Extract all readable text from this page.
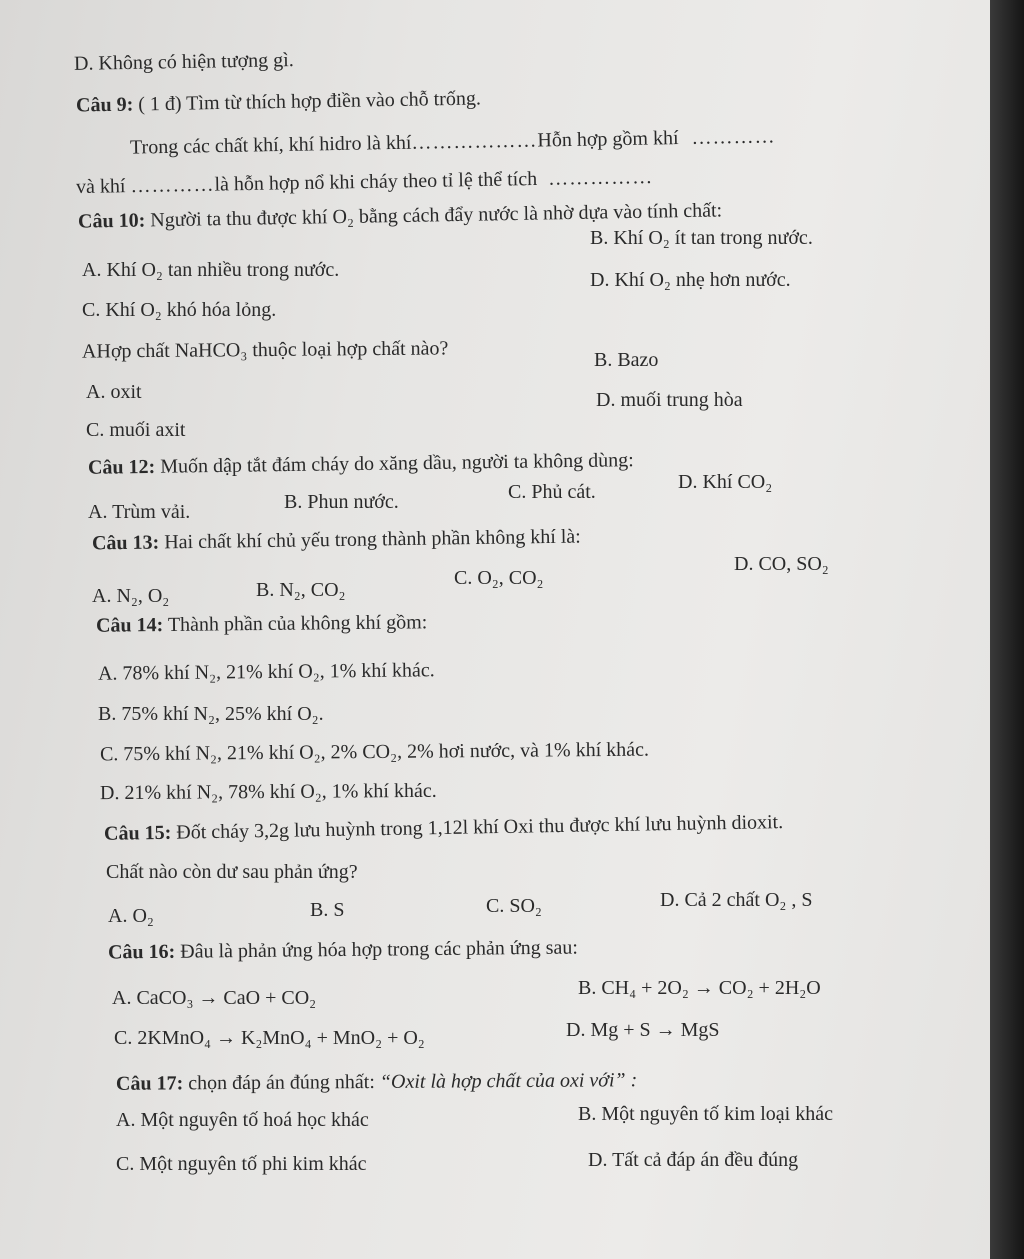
D. Không có hiện tượng gì.
Câu 9: ( 1 đ) Tìm từ thích hợp điền vào chỗ trống.
Trong các chất khí, khí hidro là khí………………Hỗn hợp gồm khí …………
và khí …………là hỗn hợp nổ khi cháy theo tỉ lệ thể tích ……………
Câu 10: Người ta thu được khí O₂ bằng cách đẩy nước là nhờ dựa vào tính chất:
B. Khí O₂ ít tan trong nước.
A. Khí O₂ tan nhiều trong nước.	D. Khí O₂ nhẹ hơn nước.
C. Khí O₂ khó hóa lỏng.
AHợp chất NaHCO₃ thuộc loại hợp chất nào?	B. Bazo
A. oxit	D. muối trung hòa
C. muối axit
Câu 12: Muốn dập tắt đám cháy do xăng dầu, người ta không dùng:
A. Trùm vải.	B. Phun nước.	C. Phủ cát.	D. Khí CO₂
Câu 13: Hai chất khí chủ yếu trong thành phần không khí là:
D. CO, SO₂
A. N₂, O₂	B. N₂, CO₂
C. O₂, CO₂
Câu 14: Thành phần của không khí gồm:
A. 78% khí N₂, 21% khí O₂, 1% khí khác.
B. 75% khí N₂, 25% khí O₂.
C. 75% khí N₂, 21% khí O₂, 2% CO₂, 2% hơi nước, và 1% khí khác.
D. 21% khí N₂, 78% khí O₂, 1% khí khác.
Câu 15: Đốt cháy 3,2g lưu huỳnh trong 1,12l khí Oxi thu được khí lưu huỳnh dioxit.
Chất nào còn dư sau phản ứng?
A. O₂	B. S	C. SO₂	D. Cả 2 chất O₂ , S
Câu 16: Đâu là phản ứng hóa hợp trong các phản ứng sau:
A. CaCO₃ → CaO + CO₂	B. CH₄ + 2O₂ → CO₂ + 2H₂O
C. 2KMnO₄ → K₂MnO₄ + MnO₂ + O₂	D. Mg + S → MgS
Câu 17: chọn đáp án đúng nhất: “Oxit là hợp chất của oxi với” :
A. Một nguyên tố hoá học khác	B. Một nguyên tố kim loại khác
C. Một nguyên tố phi kim khác	D. Tất cả đáp án đều đúng
